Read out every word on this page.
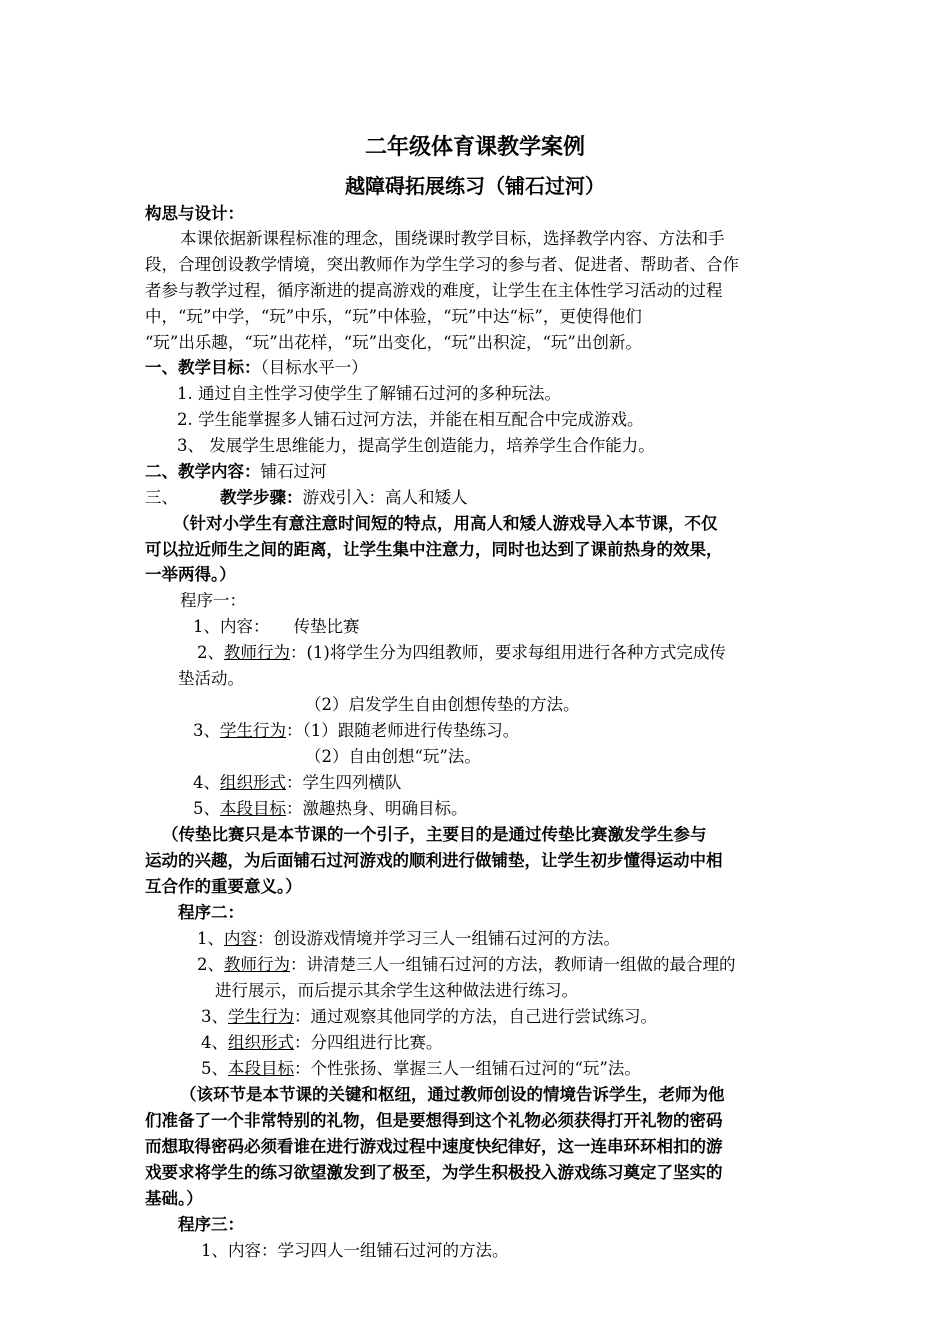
二年级体育课教学案例
越障碍拓展练习（铺石过河）
构思与设计：
本课依据新课程标准的理念，围绕课时教学目标，选择教学内容、方法和手
段，合理创设教学情境，突出教师作为学生学习的参与者、促进者、帮助者、合作
者参与教学过程，循序渐进的提高游戏的难度，让学生在主体性学习活动的过程
中，“玩”中学，“玩”中乐，“玩”中体验，“玩”中达“标”，更使得他们
“玩”出乐趣，“玩”出花样，“玩”出变化，“玩”出积淀，“玩”出创新。
一、教学目标：（目标水平一）
1. 通过自主性学习使学生了解铺石过河的多种玩法。
2. 学生能掌握多人铺石过河方法，并能在相互配合中完成游戏。
3、 发展学生思维能力，提高学生创造能力，培养学生合作能力。
二、教学内容：铺石过河
三、	教学步骤：游戏引入：高人和矮人
（针对小学生有意注意时间短的特点，用高人和矮人游戏导入本节课，不仅
可以拉近师生之间的距离，让学生集中注意力，同时也达到了课前热身的效果，
一举两得。）
程序一：
1、内容： 传垫比赛
2、教师行为：(1)将学生分为四组教师，要求每组用进行各种方式完成传
垫活动。
（2）启发学生自由创想传垫的方法。
3、学生行为：（1）跟随老师进行传垫练习。
（2）自由创想“玩”法。
4、组织形式：学生四列横队
5、本段目标：激趣热身、明确目标。
（传垫比赛只是本节课的一个引子，主要目的是通过传垫比赛激发学生参与
运动的兴趣，为后面铺石过河游戏的顺利进行做铺垫，让学生初步懂得运动中相
互合作的重要意义。）
程序二：
1、内容：创设游戏情境并学习三人一组铺石过河的方法。
2、教师行为：讲清楚三人一组铺石过河的方法，教师请一组做的最合理的
进行展示，而后提示其余学生这种做法进行练习。
3、学生行为：通过观察其他同学的方法，自己进行尝试练习。
4、组织形式：分四组进行比赛。
5、本段目标：个性张扬、掌握三人一组铺石过河的“玩”法。
（该环节是本节课的关键和枢纽，通过教师创设的情境告诉学生，老师为他
们准备了一个非常特别的礼物，但是要想得到这个礼物必须获得打开礼物的密码
而想取得密码必须看谁在进行游戏过程中速度快纪律好，这一连串环环相扣的游
戏要求将学生的练习欲望激发到了极至，为学生积极投入游戏练习奠定了坚实的
基础。）
程序三：
1、内容：学习四人一组铺石过河的方法。
